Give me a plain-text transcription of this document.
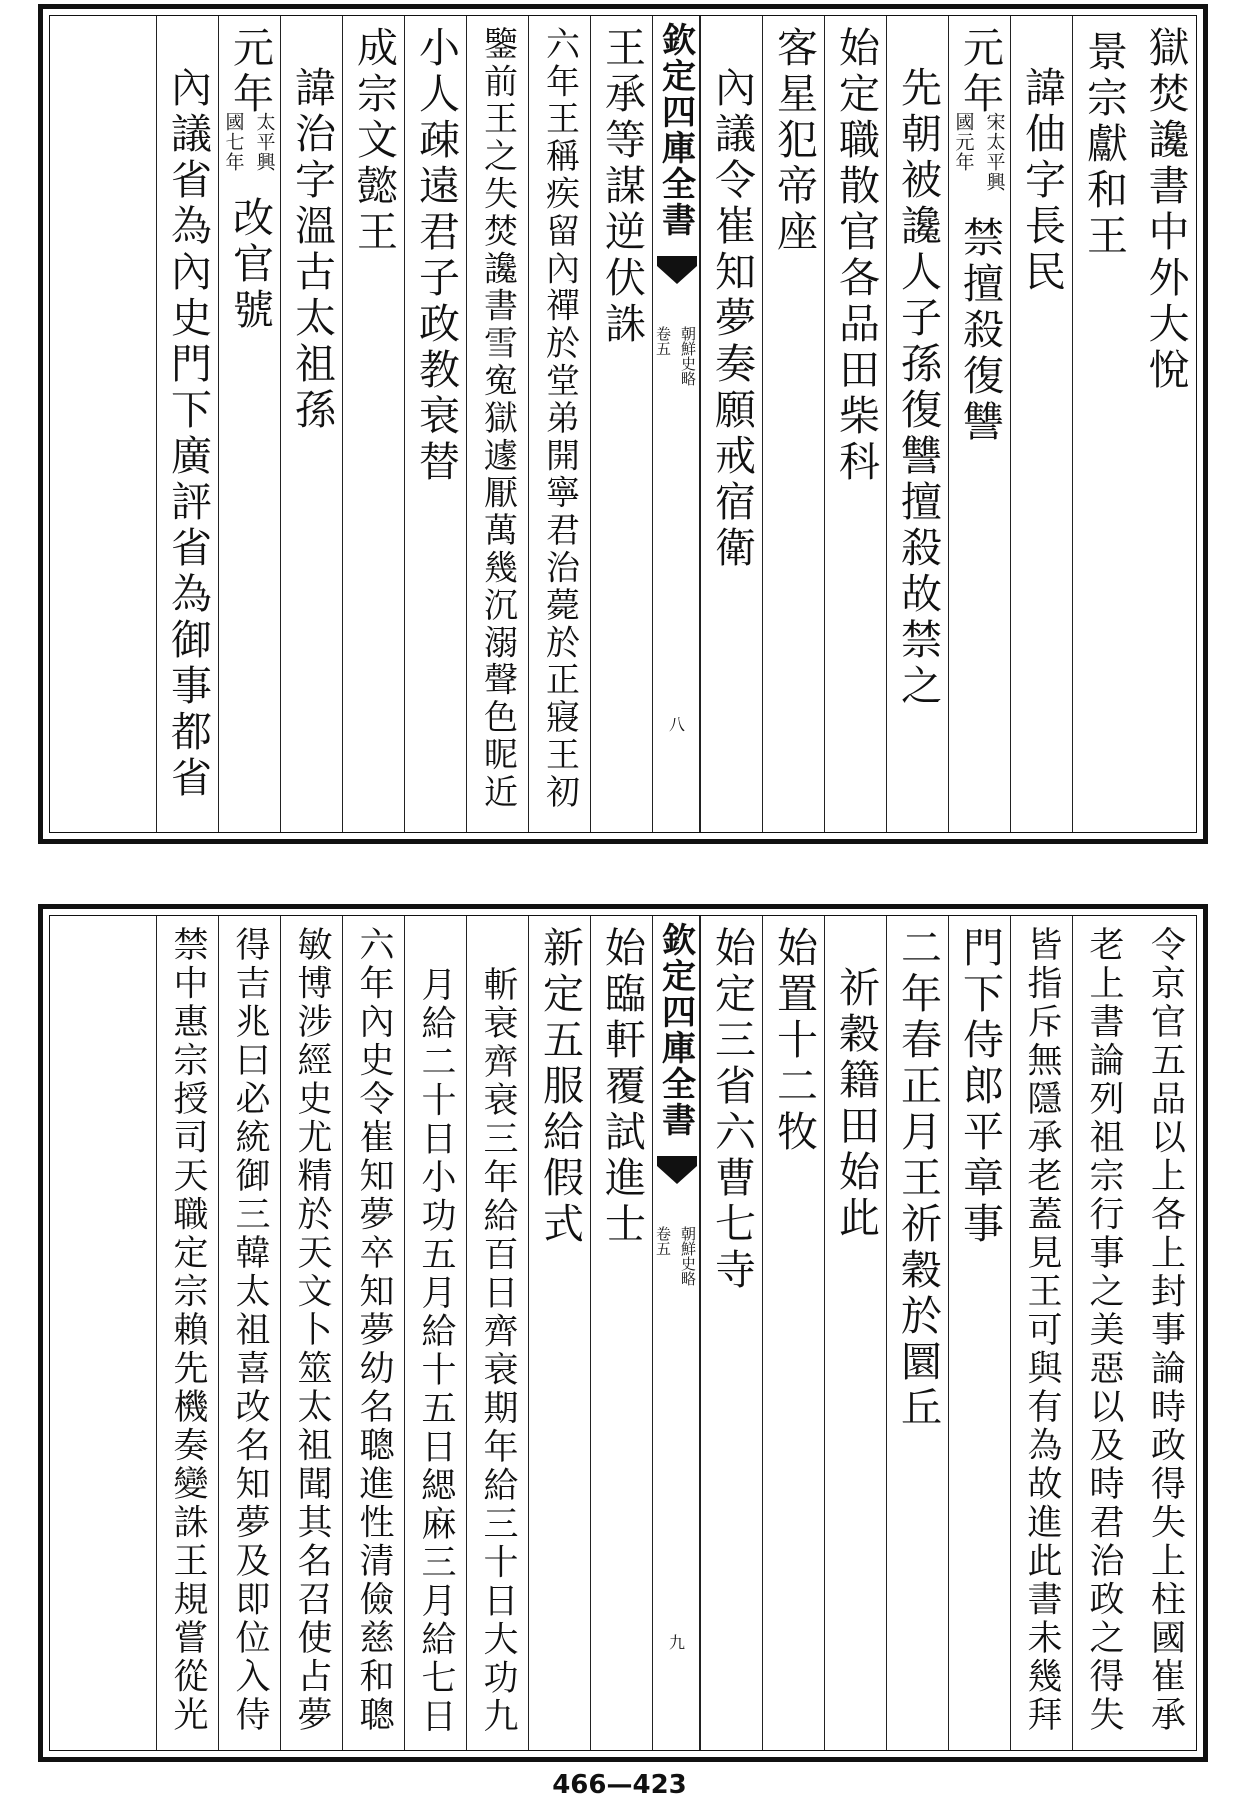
獄焚讒書中外大悅
景宗獻和王
諱伷字長民
元年
宋太平興
國元年
禁擅殺復讐
先朝被讒人子孫復讐擅殺故禁之
始定職散官各品田柴科
客星犯帝座
內議令崔知夢奏願戒宿衛
欽定四庫全書
朝鮮史略
卷五
八
王承等謀逆伏誅
六年王稱疾留內禪於堂弟開寧君治薨於正寢王初
鑒前王之失焚讒書雪寃獄遽厭萬幾沉溺聲色昵近
小人疎遠君子政教衰替
成宗文懿王
諱治字溫古太祖孫
元年
太平興
國七年
改官號
內議省為內史門下廣評省為御事都省
令京官五品以上各上封事論時政得失上柱國崔承
老上書論列祖宗行事之美惡以及時君治政之得失
皆指斥無隱承老蓋見王可與有為故進此書未幾拜
門下侍郎平章事
二年春正月王祈穀於圜丘
祈穀籍田始此
始置十二牧
始定三省六曹七寺
欽定四庫全書
朝鮮史略
卷五
九
始臨軒覆試進士
新定五服給假式
斬衰齊衰三年給百日齊衰期年給三十日大功九
月給二十日小功五月給十五日緦麻三月給七日
六年內史令崔知夢卒知夢幼名聰進性清儉慈和聰
敏博涉經史尤精於天文卜筮太祖聞其名召使占夢
得吉兆曰必統御三韓太祖喜改名知夢及即位入侍
禁中惠宗授司天職定宗賴先機奏變誅王規嘗從光
466—423
